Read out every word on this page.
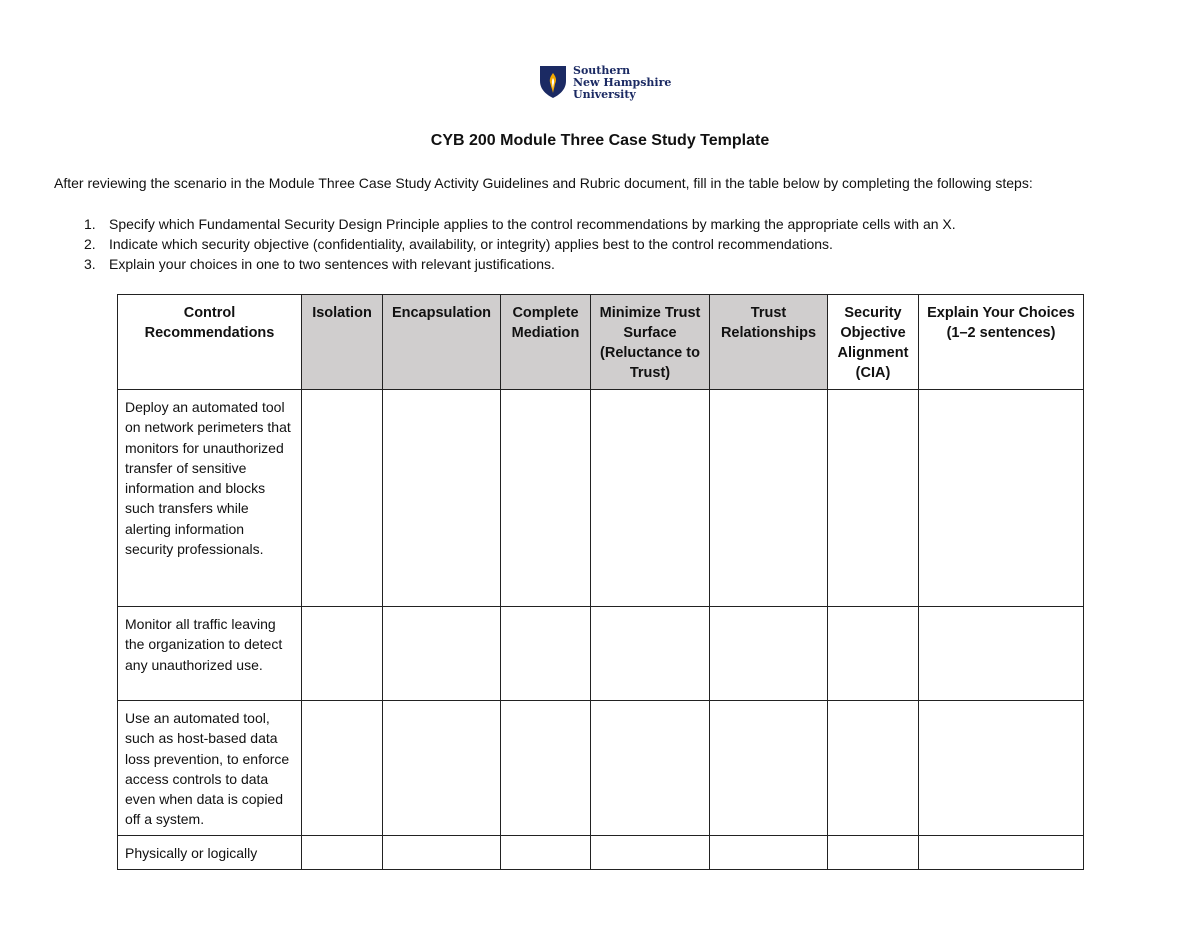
Southern
New Hampshire
University
CYB 200 Module Three Case Study Template
After reviewing the scenario in the Module Three Case Study Activity Guidelines and Rubric document, fill in the table below by completing the following steps:
1. Specify which Fundamental Security Design Principle applies to the control recommendations by marking the appropriate cells with an X.
2. Indicate which security objective (confidentiality, availability, or integrity) applies best to the control recommendations.
3. Explain your choices in one to two sentences with relevant justifications.
Control Recommendations	Isolation	Encapsulation	Complete Mediation	Minimize Trust Surface (Reluctance to Trust)	Trust Relationships	Security Objective Alignment (CIA)	Explain Your Choices (1–2 sentences)
Deploy an automated tool on network perimeters that monitors for unauthorized transfer of sensitive information and blocks such transfers while alerting information security professionals.							
Monitor all traffic leaving the organization to detect any unauthorized use.							
Use an automated tool, such as host-based data loss prevention, to enforce access controls to data even when data is copied off a system.							
Physically or logically							
